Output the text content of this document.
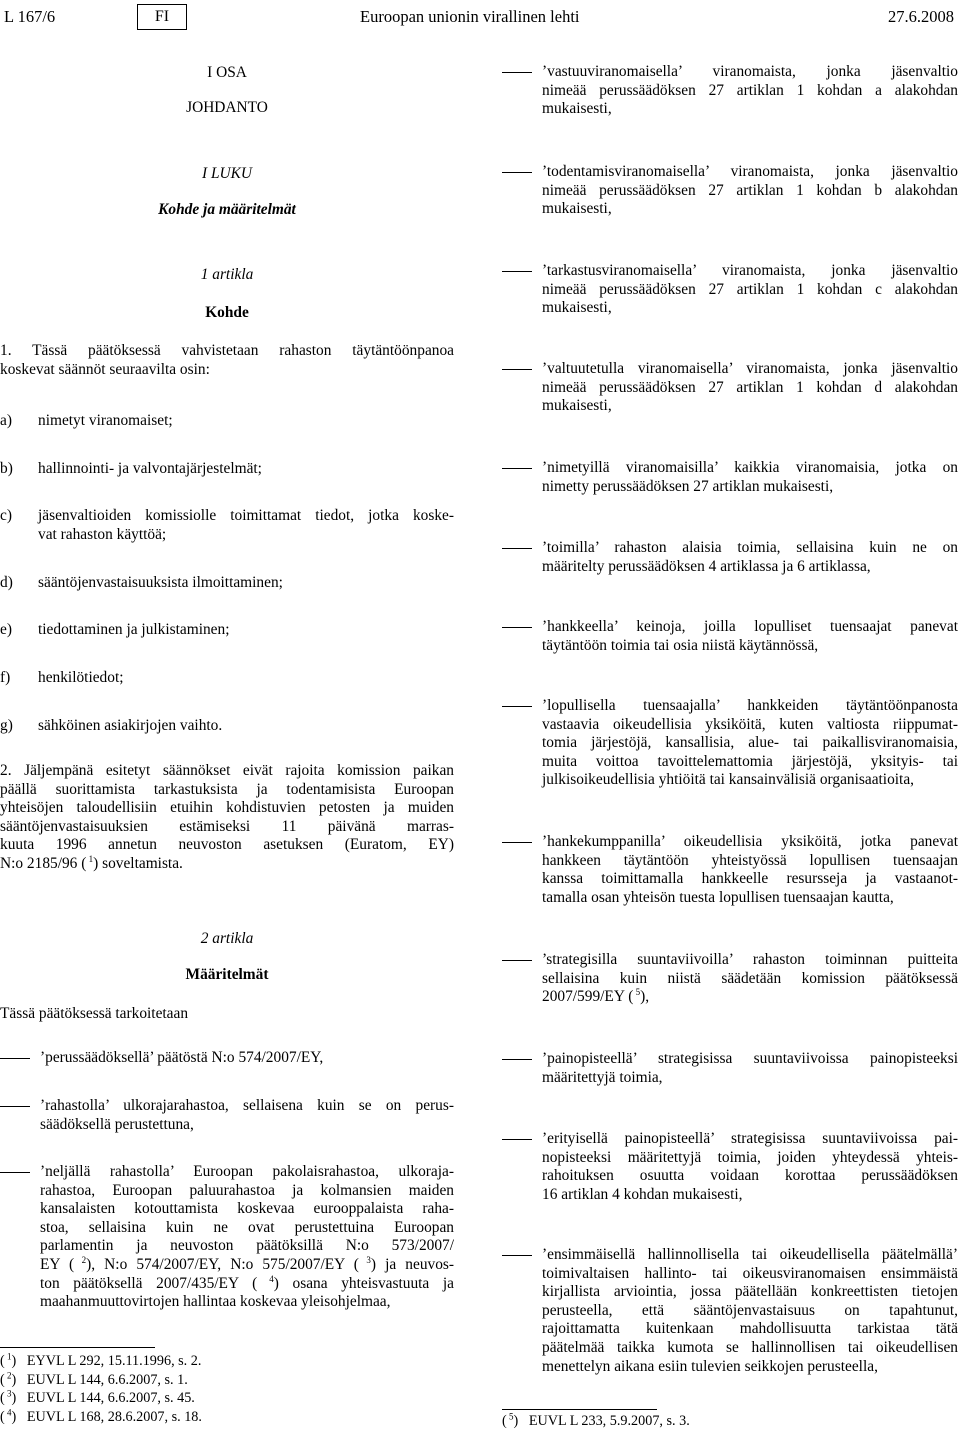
L 167/6	FI	Euroopan unionin virallinen lehti	27.6.2008
I OSA
JOHDANTO
I LUKU
Kohde ja määritelmät
1 artikla
Kohde
1. Tässä päätöksessä vahvistetaan rahaston täytäntöönpanoa
koskevat säännöt seuraavilta osin:
a) nimetyt viranomaiset;
b) hallinnointi- ja valvontajärjestelmät;
c) jäsenvaltioiden komissiolle toimittamat tiedot, jotka koske-
vat rahaston käyttöä;
d) sääntöjenvastaisuuksista ilmoittaminen;
e) tiedottaminen ja julkistaminen;
f) henkilötiedot;
g) sähköinen asiakirjojen vaihto.
2. Jäljempänä esitetyt säännökset eivät rajoita komission paikan
päällä suorittamista tarkastuksista ja todentamisista Euroopan
yhteisöjen taloudellisiin etuihin kohdistuvien petosten ja muiden
sääntöjenvastaisuuksien estämiseksi 11 päivänä marras-
kuuta 1996 annetun neuvoston asetuksen (Euratom, EY)
N:o 2185/96 ( $^1$) soveltamista.
2 artikla
Määritelmät
Tässä päätöksessä tarkoitetaan
’perussäädöksellä’ päätöstä N:o 574/2007/EY,
’rahastolla’ ulkorajarahastoa, sellaisena kuin se on perus-
säädöksellä perustettuna,
’neljällä rahastolla’ Euroopan pakolaisrahastoa, ulkoraja-
rahastoa, Euroopan paluurahastoa ja kolmansien maiden
kansalaisten kotouttamista koskevaa eurooppalaista raha-
stoa, sellaisina kuin ne ovat perustettuina Euroopan
parlamentin ja neuvoston päätöksillä N:o 573/2007/
EY ( $^2$), N:o 574/2007/EY, N:o 575/2007/EY ( $^3$) ja neuvos-
ton päätöksellä 2007/435/EY ( $^4$) osana yhteisvastuuta ja
maahanmuuttovirtojen hallintaa koskevaa yleisohjelmaa,
( $^1$)  EYVL L 292, 15.11.1996, s. 2.
( $^2$)  EUVL L 144, 6.6.2007, s. 1.
( $^3$)  EUVL L 144, 6.6.2007, s. 45.
( $^4$)  EUVL L 168, 28.6.2007, s. 18.
’vastuuviranomaisella’ viranomaista, jonka jäsenvaltio
nimeää perussäädöksen 27 artiklan 1 kohdan a alakohdan
mukaisesti,
’todentamisviranomaisella’ viranomaista, jonka jäsenvaltio
nimeää perussäädöksen 27 artiklan 1 kohdan b alakohdan
mukaisesti,
’tarkastusviranomaisella’ viranomaista, jonka jäsenvaltio
nimeää perussäädöksen 27 artiklan 1 kohdan c alakohdan
mukaisesti,
’valtuutetulla viranomaisella’ viranomaista, jonka jäsenvaltio
nimeää perussäädöksen 27 artiklan 1 kohdan d alakohdan
mukaisesti,
’nimetyillä viranomaisilla’ kaikkia viranomaisia, jotka on
nimetty perussäädöksen 27 artiklan mukaisesti,
’toimilla’ rahaston alaisia toimia, sellaisina kuin ne on
määritelty perussäädöksen 4 artiklassa ja 6 artiklassa,
’hankkeella’ keinoja, joilla lopulliset tuensaajat panevat
täytäntöön toimia tai osia niistä käytännössä,
’lopullisella tuensaajalla’ hankkeiden täytäntöönpanosta
vastaavia oikeudellisia yksiköitä, kuten valtiosta riippumat-
tomia järjestöjä, kansallisia, alue- tai paikallisviranomaisia,
muita voittoa tavoittelemattomia järjestöjä, yksityis- tai
julkisoikeudellisia yhtiöitä tai kansainvälisiä organisaatioita,
’hankekumppanilla’ oikeudellisia yksiköitä, jotka panevat
hankkeen täytäntöön yhteistyössä lopullisen tuensaajan
kanssa toimittamalla hankkeelle resursseja ja vastaanot-
tamalla osan yhteisön tuesta lopullisen tuensaajan kautta,
’strategisilla suuntaviivoilla’ rahaston toiminnan puitteita
sellaisina kuin niistä säädetään komission päätöksessä
2007/599/EY ( $^5$),
’painopisteellä’ strategisissa suuntaviivoissa painopisteeksi
määritettyjä toimia,
’erityisellä painopisteellä’ strategisissa suuntaviivoissa pai-
nopisteeksi määritettyjä toimia, joiden yhteydessä yhteis-
rahoituksen osuutta voidaan korottaa perussäädöksen
16 artiklan 4 kohdan mukaisesti,
’ensimmäisellä hallinnollisella tai oikeudellisella päätelmällä’
toimivaltaisen hallinto- tai oikeusviranomaisen ensimmäistä
kirjallista arviointia, jossa päätellään konkreettisten tietojen
perusteella, että sääntöjenvastaisuus on tapahtunut,
rajoittamatta kuitenkaan mahdollisuutta tarkistaa tätä
päätelmää taikka kumota se hallinnollisen tai oikeudellisen
menettelyn aikana esiin tulevien seikkojen perusteella,
( $^5$)  EUVL L 233, 5.9.2007, s. 3.
